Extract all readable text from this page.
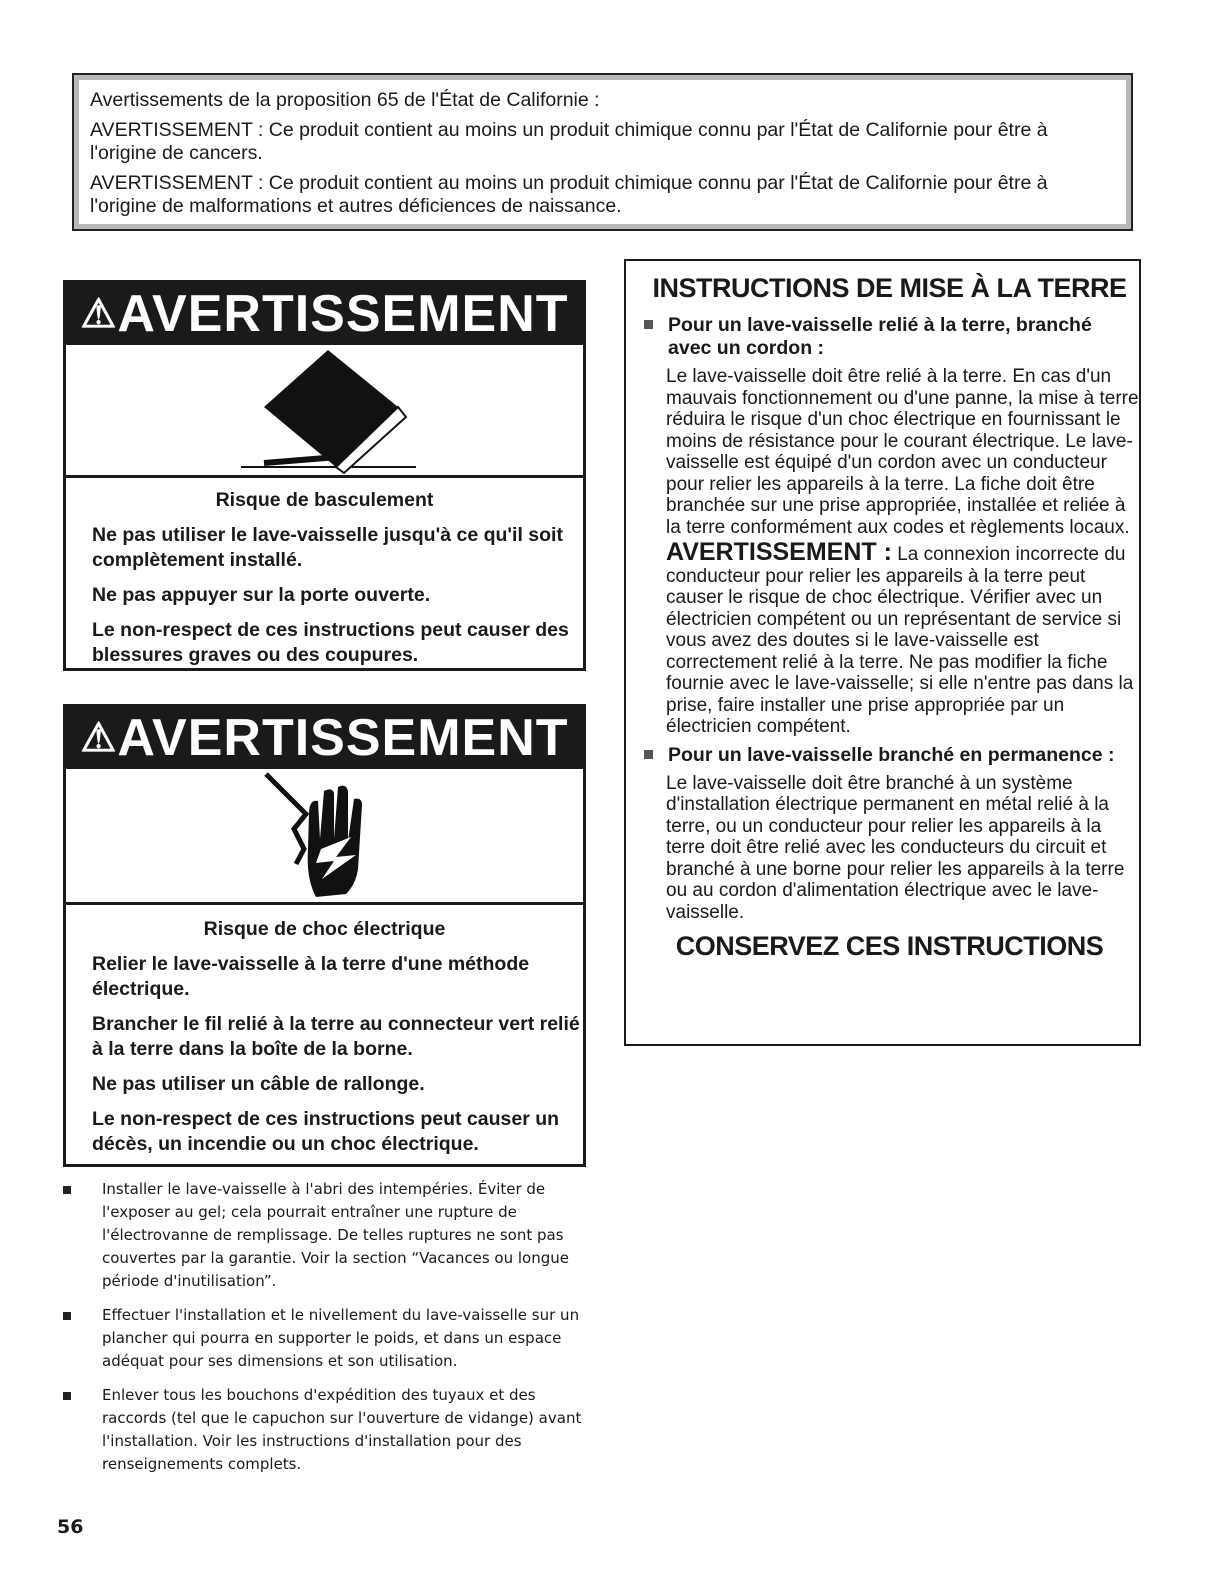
Avertissements de la proposition 65 de l'État de Californie :

AVERTISSEMENT : Ce produit contient au moins un produit chimique connu par l'État de Californie pour être à l'origine de cancers.

AVERTISSEMENT : Ce produit contient au moins un produit chimique connu par l'État de Californie pour être à l'origine de malformations et autres déficiences de naissance.

⚠AVERTISSEMENT
Risque de basculement

Ne pas utiliser le lave-vaisselle jusqu'à ce qu'il soit complètement installé.

Ne pas appuyer sur la porte ouverte.

Le non-respect de ces instructions peut causer des blessures graves ou des coupures.

⚠AVERTISSEMENT
Risque de choc électrique

Relier le lave-vaisselle à la terre d'une méthode électrique.

Brancher le fil relié à la terre au connecteur vert relié à la terre dans la boîte de la borne.

Ne pas utiliser un câble de rallonge.

Le non-respect de ces instructions peut causer un décès, un incendie ou un choc électrique.

INSTRUCTIONS DE MISE À LA TERRE
Pour un lave-vaisselle relié à la terre, branché avec un cordon :
Le lave-vaisselle doit être relié à la terre. En cas d'un mauvais fonctionnement ou d'une panne, la mise à terre réduira le risque d'un choc électrique en fournissant le moins de résistance pour le courant électrique. Le lave-vaisselle est équipé d'un cordon avec un conducteur pour relier les appareils à la terre. La fiche doit être branchée sur une prise appropriée, installée et reliée à la terre conformément aux codes et règlements locaux.
AVERTISSEMENT : La connexion incorrecte du conducteur pour relier les appareils à la terre peut causer le risque de choc électrique. Vérifier avec un électricien compétent ou un représentant de service si vous avez des doutes si le lave-vaisselle est correctement relié à la terre. Ne pas modifier la fiche fournie avec le lave-vaisselle; si elle n'entre pas dans la prise, faire installer une prise appropriée par un électricien compétent.
Pour un lave-vaisselle branché en permanence :
Le lave-vaisselle doit être branché à un système d'installation électrique permanent en métal relié à la terre, ou un conducteur pour relier les appareils à la terre doit être relié avec les conducteurs du circuit et branché à une borne pour relier les appareils à la terre ou au cordon d'alimentation électrique avec le lave-vaisselle.
CONSERVEZ CES INSTRUCTIONS
Installer le lave-vaisselle à l'abri des intempéries. Éviter de l'exposer au gel; cela pourrait entraîner une rupture de l'électrovanne de remplissage. De telles ruptures ne sont pas couvertes par la garantie. Voir la section “Vacances ou longue période d'inutilisation”.
Effectuer l'installation et le nivellement du lave-vaisselle sur un plancher qui pourra en supporter le poids, et dans un espace adéquat pour ses dimensions et son utilisation.
Enlever tous les bouchons d'expédition des tuyaux et des raccords (tel que le capuchon sur l'ouverture de vidange) avant l'installation. Voir les instructions d'installation pour des renseignements complets.
56
